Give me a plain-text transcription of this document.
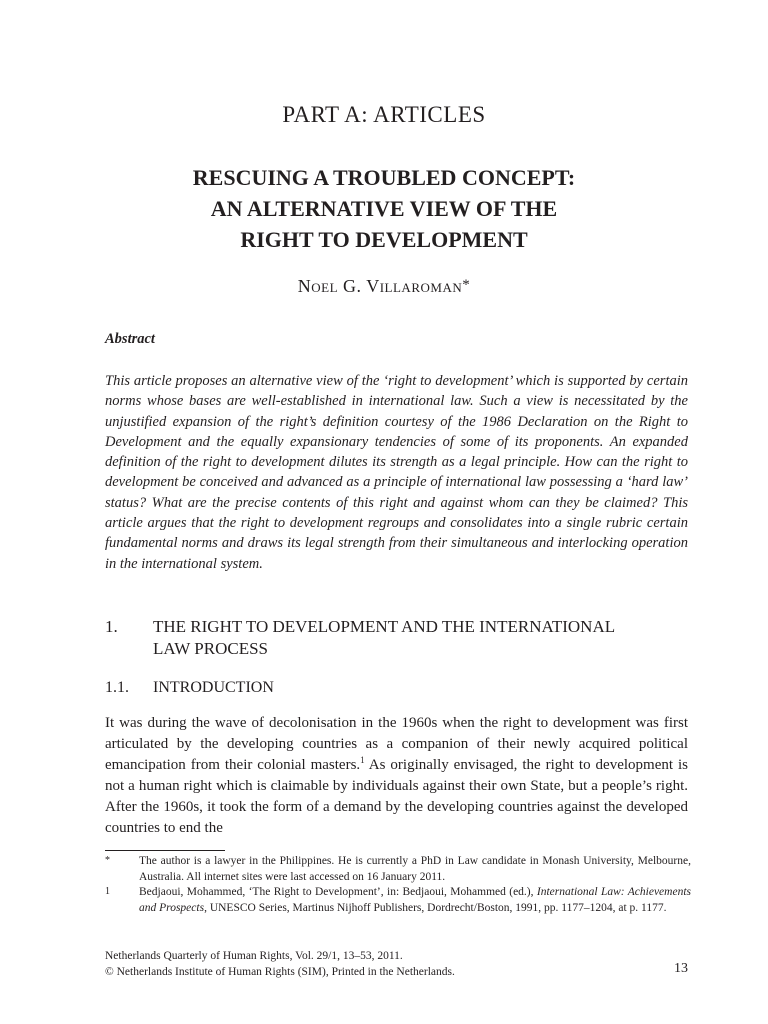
PART A: ARTICLES
RESCUING A TROUBLED CONCEPT:
AN ALTERNATIVE VIEW OF THE
RIGHT TO DEVELOPMENT
Noel G. Villaroman*
Abstract
This article proposes an alternative view of the ‘right to development’ which is supported by certain norms whose bases are well-established in international law. Such a view is necessitated by the unjustified expansion of the right’s definition courtesy of the 1986 Declaration on the Right to Development and the equally expansionary tendencies of some of its proponents. An expanded definition of the right to development dilutes its strength as a legal principle. How can the right to development be conceived and advanced as a principle of international law possessing a ‘hard law’ status? What are the precise contents of this right and against whom can they be claimed? This article argues that the right to development regroups and consolidates into a single rubric certain fundamental norms and draws its legal strength from their simultaneous and interlocking operation in the international system.
1. THE RIGHT TO DEVELOPMENT AND THE INTERNATIONAL LAW PROCESS
1.1. INTRODUCTION
It was during the wave of decolonisation in the 1960s when the right to development was first articulated by the developing countries as a companion of their newly acquired political emancipation from their colonial masters.$^1$ As originally envisaged, the right to development is not a human right which is claimable by individuals against their own State, but a people’s right. After the 1960s, it took the form of a demand by the developing countries against the developed countries to end the
*	The author is a lawyer in the Philippines. He is currently a PhD in Law candidate in Monash University, Melbourne, Australia. All internet sites were last accessed on 16 January 2011.
1	Bedjaoui, Mohammed, ‘The Right to Development’, in: Bedjaoui, Mohammed (ed.), International Law: Achievements and Prospects, UNESCO Series, Martinus Nijhoff Publishers, Dordrecht/Boston, 1991, pp. 1177–1204, at p. 1177.
Netherlands Quarterly of Human Rights, Vol. 29/1, 13–53, 2011.
© Netherlands Institute of Human Rights (SIM), Printed in the Netherlands.	13
